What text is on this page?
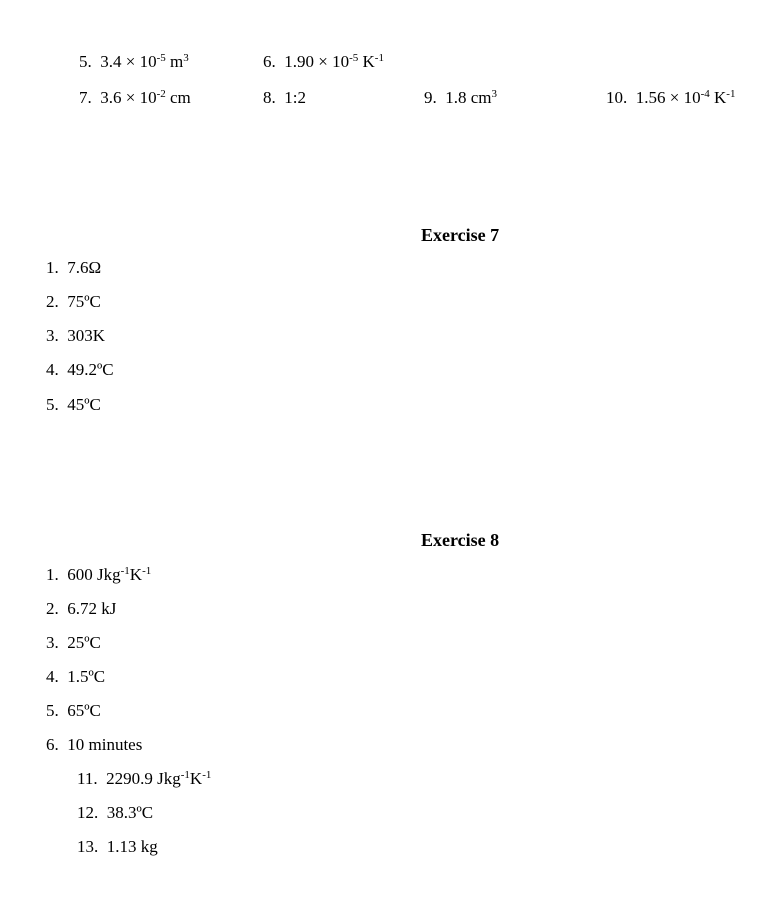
5. $3.4 \times 10^{-5}$ $m^3$	6. $1.90 \times 10^{-5}$ $K^{-1}$
7. $3.6 \times 10^{-2}$ cm	8. 1:2	9. 1.8 $cm^3$	10. $1.56 \times 10^{-4}$ $K^{-1}$
Exercise 7
1. 7.6Ω
2. 75ºC
3. 303K
4. 49.2ºC
5. 45ºC
Exercise 8
1. 600 $Jkg^{-1}K^{-1}$
2. 6.72 kJ
3. 25ºC
4. 1.5ºC
5. 65ºC
6. 10 minutes
11. 2290.9 $Jkg^{-1}K^{-1}$
12. 38.3ºC
13. 1.13 kg
